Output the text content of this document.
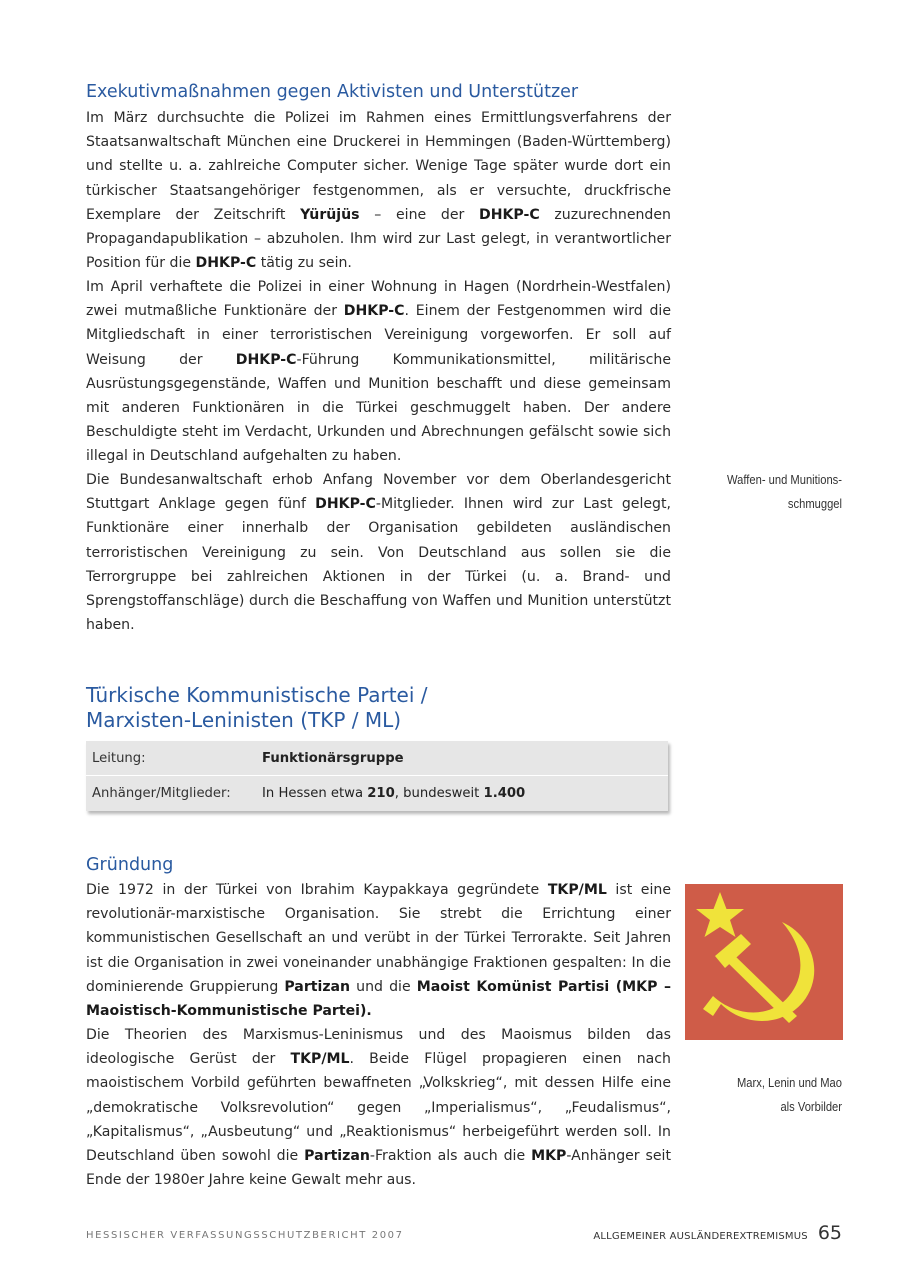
Exekutivmaßnahmen gegen Aktivisten und Unterstützer

Im März durchsuchte die Polizei im Rahmen eines Ermittlungsverfahrens der Staatsanwaltschaft München eine Druckerei in Hemmingen (Baden-Württemberg) und stellte u. a. zahlreiche Computer sicher. Wenige Tage später wurde dort ein türkischer Staatsangehöriger festgenommen, als er versuchte, druckfrische Exemplare der Zeitschrift Yürüjüs – eine der DHKP-C zuzurechnenden Propagandapublikation – abzuholen. Ihm wird zur Last gelegt, in verantwortlicher Position für die DHKP-C tätig zu sein.

Im April verhaftete die Polizei in einer Wohnung in Hagen (Nordrhein-Westfalen) zwei mutmaßliche Funktionäre der DHKP-C. Einem der Festgenommen wird die Mitgliedschaft in einer terroristischen Vereinigung vorgeworfen. Er soll auf Weisung der DHKP-C-Führung Kommunikationsmittel, militärische Ausrüstungsgegenstände, Waffen und Munition beschafft und diese gemeinsam mit anderen Funktionären in die Türkei geschmuggelt haben. Der andere Beschuldigte steht im Verdacht, Urkunden und Abrechnungen gefälscht sowie sich illegal in Deutschland aufgehalten zu haben.

Die Bundesanwaltschaft erhob Anfang November vor dem Oberlandesgericht Stuttgart Anklage gegen fünf DHKP-C-Mitglieder. Ihnen wird zur Last gelegt, Funktionäre einer innerhalb der Organisation gebildeten ausländischen terroristischen Vereinigung zu sein. Von Deutschland aus sollen sie die Terrorgruppe bei zahlreichen Aktionen in der Türkei (u. a. Brand- und Sprengstoffanschläge) durch die Beschaffung von Waffen und Munition unterstützt haben.

Waffen- und Munitions-
schmuggel
Türkische Kommunistische Partei /
Marxisten-Leninisten (TKP / ML)
Leitung:	Funktionärsgruppe
Anhänger/Mitglieder:	In Hessen etwa 210, bundesweit 1.400
Gründung

Die 1972 in der Türkei von Ibrahim Kaypakkaya gegründete TKP/ML ist eine revolutionär-marxistische Organisation. Sie strebt die Errichtung einer kommunistischen Gesellschaft an und verübt in der Türkei Terrorakte. Seit Jahren ist die Organisation in zwei voneinander unabhängige Fraktionen gespalten: In die dominierende Gruppierung Partizan und die Maoist Komünist Partisi (MKP – Maoistisch-Kommunistische Partei).

Die Theorien des Marxismus-Leninismus und des Maoismus bilden das ideologische Gerüst der TKP/ML. Beide Flügel propagieren einen nach maoistischem Vorbild geführten bewaffneten „Volkskrieg“, mit dessen Hilfe eine „demokratische Volksrevolution“ gegen „Imperialismus“, „Feudalismus“, „Kapitalismus“, „Ausbeutung“ und „Reaktionismus“ herbeigeführt werden soll. In Deutschland üben sowohl die Partizan-Fraktion als auch die MKP-Anhänger seit Ende der 1980er Jahre keine Gewalt mehr aus.

Marx, Lenin und Mao
als Vorbilder
HESSISCHER VERFASSUNGSSCHUTZBERICHT 2007	ALLGEMEINER AUSLÄNDEREXTREMISMUS 65
